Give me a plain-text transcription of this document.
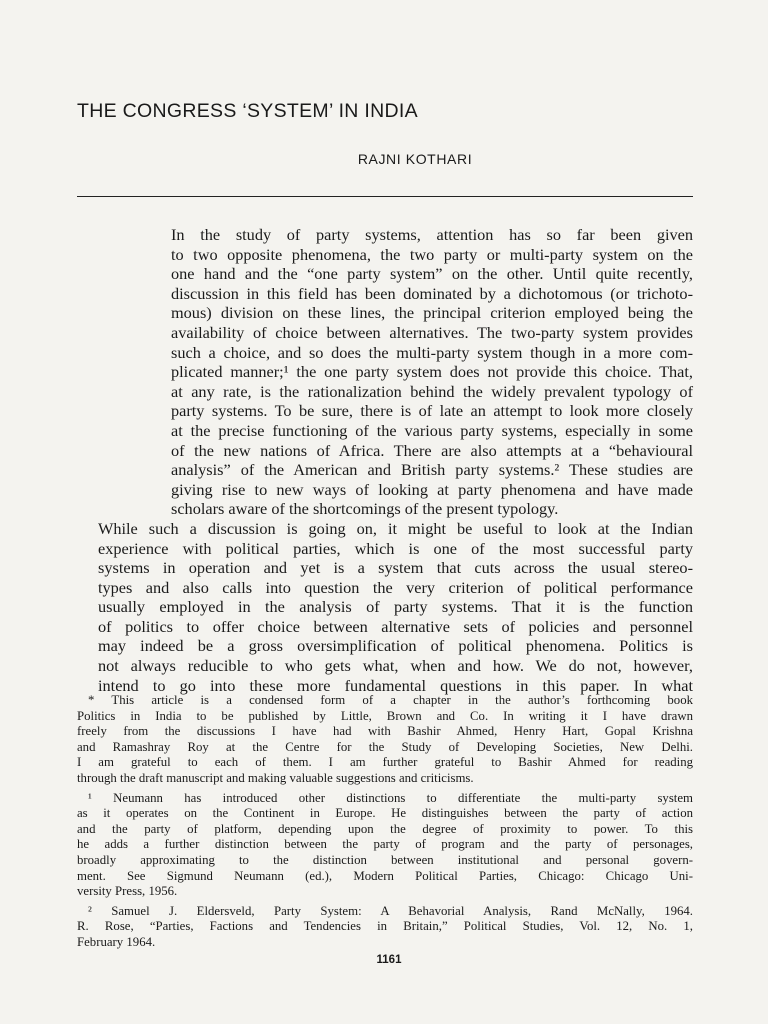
THE CONGRESS ‘SYSTEM’ IN INDIA
RAJNI KOTHARI

In the study of party systems, attention has so far been given
to two opposite phenomena, the two party or multi-party system on the
one hand and the “one party system” on the other. Until quite recently,
discussion in this field has been dominated by a dichotomous (or trichoto-
mous) division on these lines, the principal criterion employed being the
availability of choice between alternatives. The two-party system provides
such a choice, and so does the multi-party system though in a more com-
plicated manner;¹ the one party system does not provide this choice. That,
at any rate, is the rationalization behind the widely prevalent typology of
party systems. To be sure, there is of late an attempt to look more closely
at the precise functioning of the various party systems, especially in some
of the new nations of Africa. There are also attempts at a “behavioural
analysis” of the American and British party systems.² These studies are
giving rise to new ways of looking at party phenomena and have made
scholars aware of the shortcomings of the present typology.

While such a discussion is going on, it might be useful to look at the Indian
experience with political parties, which is one of the most successful party
systems in operation and yet is a system that cuts across the usual stereo-
types and also calls into question the very criterion of political performance
usually employed in the analysis of party systems. That it is the function
of politics to offer choice between alternative sets of policies and personnel
may indeed be a gross oversimplification of political phenomena. Politics is
not always reducible to who gets what, when and how. We do not, however,
intend to go into these more fundamental questions in this paper. In what

* This article is a condensed form of a chapter in the author’s forthcoming book
Politics in India to be published by Little, Brown and Co. In writing it I have drawn
freely from the discussions I have had with Bashir Ahmed, Henry Hart, Gopal Krishna
and Ramashray Roy at the Centre for the Study of Developing Societies, New Delhi.
I am grateful to each of them. I am further grateful to Bashir Ahmed for reading
through the draft manuscript and making valuable suggestions and criticisms.
¹ Neumann has introduced other distinctions to differentiate the multi-party system
as it operates on the Continent in Europe. He distinguishes between the party of action
and the party of platform, depending upon the degree of proximity to power. To this
he adds a further distinction between the party of program and the party of personages,
broadly approximating to the distinction between institutional and personal govern-
ment. See Sigmund Neumann (ed.), Modern Political Parties, Chicago: Chicago Uni-
versity Press, 1956.
² Samuel J. Eldersveld, Party System: A Behavorial Analysis, Rand McNally, 1964.
R. Rose, “Parties, Factions and Tendencies in Britain,” Political Studies, Vol. 12, No. 1,
February 1964.
1161
